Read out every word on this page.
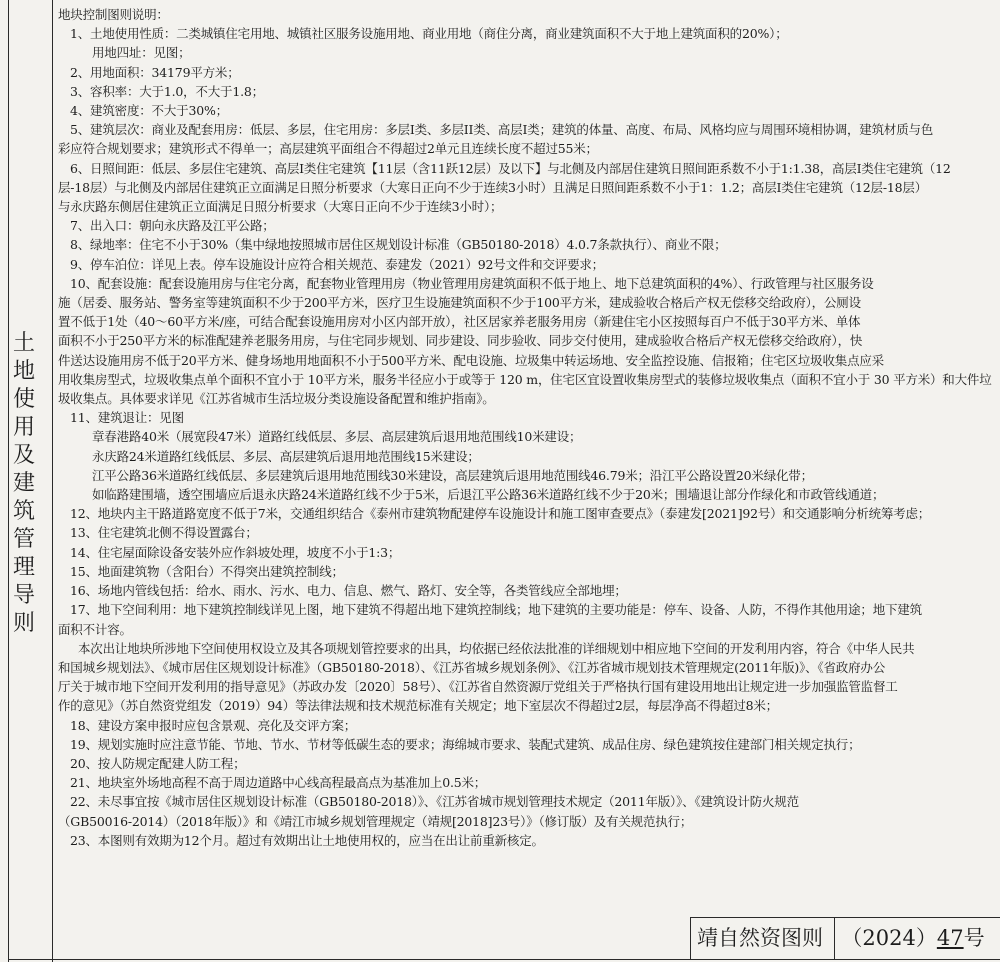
土
地
使
用
及
建
筑
管
理
导
则
地块控制图则说明：
1、土地使用性质：二类城镇住宅用地、城镇社区服务设施用地、商业用地（商住分离，商业建筑面积不大于地上建筑面积的20%）；
用地四址：见图；
2、用地面积：34179平方米；
3、容积率：大于1.0，不大于1.8；
4、建筑密度：不大于30%；
5、建筑层次：商业及配套用房：低层、多层，住宅用房：多层I类、多层II类、高层I类；建筑的体量、高度、布局、风格均应与周围环境相协调，建筑材质与色
彩应符合规划要求；建筑形式不得单一；高层建筑平面组合不得超过2单元且连续长度不超过55米；
6、日照间距：低层、多层住宅建筑、高层I类住宅建筑【11层（含11跃12层）及以下】与北侧及内部居住建筑日照间距系数不小于1:1.38，高层I类住宅建筑（12
层-18层）与北侧及内部居住建筑正立面满足日照分析要求（大寒日正向不少于连续3小时）且满足日照间距系数不小于1：1.2；高层I类住宅建筑（12层-18层）
与永庆路东侧居住建筑正立面满足日照分析要求（大寒日正向不少于连续3小时）；
7、出入口：朝向永庆路及江平公路；
8、绿地率：住宅不小于30%（集中绿地按照城市居住区规划设计标准（GB50180-2018）4.0.7条款执行）、商业不限；
9、停车泊位：详见上表。停车设施设计应符合相关规范、泰建发（2021）92号文件和交评要求；
10、配套设施：配套设施用房与住宅分离，配套物业管理用房（物业管理用房建筑面积不低于地上、地下总建筑面积的4%）、行政管理与社区服务设
施（居委、服务站、警务室等建筑面积不少于200平方米，医疗卫生设施建筑面积不少于100平方米，建成验收合格后产权无偿移交给政府），公厕设
置不低于1处（40～60平方米/座，可结合配套设施用房对小区内部开放），社区居家养老服务用房（新建住宅小区按照每百户不低于30平方米、单体
面积不小于250平方米的标准配建养老服务用房，与住宅同步规划、同步建设、同步验收、同步交付使用，建成验收合格后产权无偿移交给政府），快
件送达设施用房不低于20平方米、健身场地用地面积不小于500平方米、配电设施、垃圾集中转运场地、安全监控设施、信报箱；住宅区垃圾收集点应采
用收集房型式，垃圾收集点单个面积不宜小于 10平方米，服务半径应小于或等于 120 m，住宅区宜设置收集房型式的装修垃圾收集点（面积不宜小于 30 平方米）和大件垃
圾收集点。具体要求详见《江苏省城市生活垃圾分类设施设备配置和维护指南》。
11、建筑退让：见图
章春港路40米（展宽段47米）道路红线低层、多层、高层建筑后退用地范围线10米建设；
永庆路24米道路红线低层、多层、高层建筑后退用地范围线15米建设；
江平公路36米道路红线低层、多层建筑后退用地范围线30米建设，高层建筑后退用地范围线46.79米；沿江平公路设置20米绿化带；
如临路建围墙，透空围墙应后退永庆路24米道路红线不少于5米，后退江平公路36米道路红线不少于20米；围墙退让部分作绿化和市政管线通道；
12、地块内主干路道路宽度不低于7米，交通组织结合《泰州市建筑物配建停车设施设计和施工图审查要点》（泰建发[2021]92号）和交通影响分析统筹考虑；
13、住宅建筑北侧不得设置露台；
14、住宅屋面除设备安装外应作斜坡处理，坡度不小于1:3；
15、地面建筑物（含阳台）不得突出建筑控制线；
16、场地内管线包括：给水、雨水、污水、电力、信息、燃气、路灯、安全等，各类管线应全部地埋；
17、地下空间利用：地下建筑控制线详见上图，地下建筑不得超出地下建筑控制线；地下建筑的主要功能是：停车、设备、人防，不得作其他用途；地下建筑
面积不计容。
本次出让地块所涉地下空间使用权设立及其各项规划管控要求的出具，均依据已经依法批准的详细规划中相应地下空间的开发利用内容，符合《中华人民共
和国城乡规划法》、《城市居住区规划设计标准》（GB50180-2018）、《江苏省城乡规划条例》、《江苏省城市规划技术管理规定(2011年版)》、《省政府办公
厅关于城市地下空间开发利用的指导意见》（苏政办发〔2020〕58号）、《江苏省自然资源厅党组关于严格执行国有建设用地出让规定进一步加强监管监督工
作的意见》（苏自然资党组发（2019）94）等法律法规和技术规范标准有关规定；地下室层次不得超过2层，每层净高不得超过8米；
18、建设方案申报时应包含景观、亮化及交评方案；
19、规划实施时应注意节能、节地、节水、节材等低碳生态的要求；海绵城市要求、装配式建筑、成品住房、绿色建筑按住建部门相关规定执行；
20、按人防规定配建人防工程；
21、地块室外场地高程不高于周边道路中心线高程最高点为基准加上0.5米；
22、未尽事宜按《城市居住区规划设计标准（GB50180-2018）》、《江苏省城市规划管理技术规定（2011年版）》、《建筑设计防火规范
（GB50016-2014）（2018年版）》和《靖江市城乡规划管理规定（靖规[2018]23号）》（修订版）及有关规范执行；
23、本图则有效期为12个月。超过有效期出让土地使用权的，应当在出让前重新核定。
靖自然资图则 （2024）47号
